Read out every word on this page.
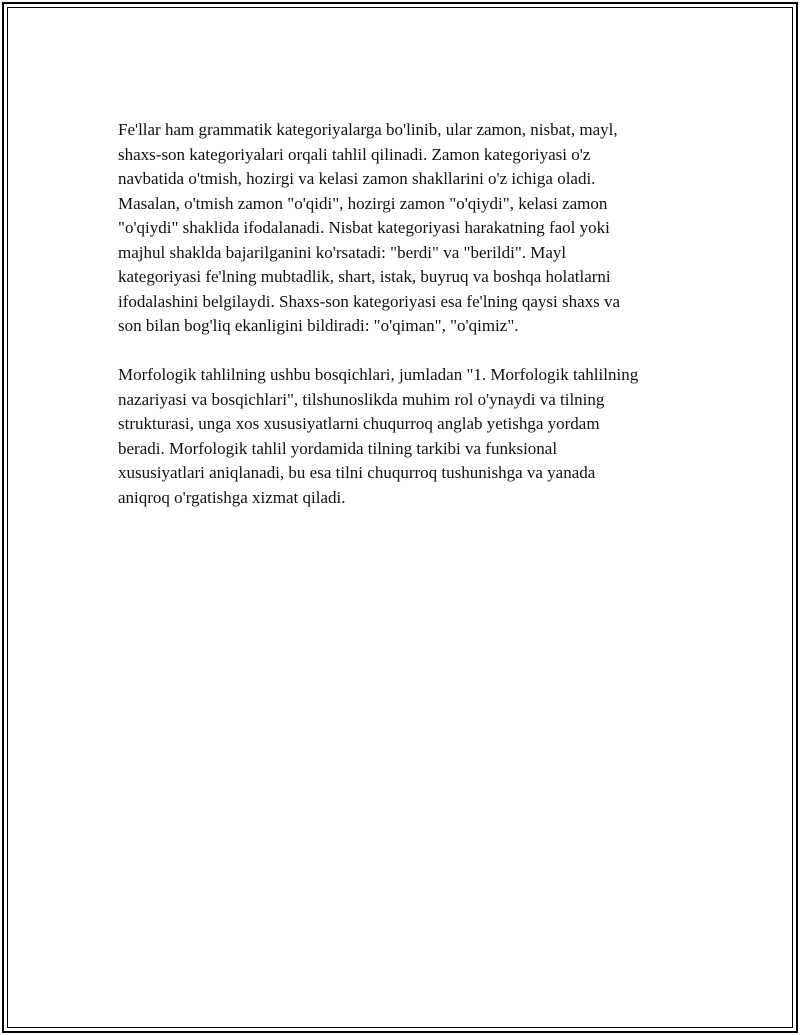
Fe'llar ham grammatik kategoriyalarga bo'linib, ular zamon, nisbat, mayl,
shaxs-son kategoriyalari orqali tahlil qilinadi. Zamon kategoriyasi o'z
navbatida o'tmish, hozirgi va kelasi zamon shakllarini o'z ichiga oladi.
Masalan, o'tmish zamon "o'qidi", hozirgi zamon "o'qiydi", kelasi zamon
"o'qiydi" shaklida ifodalanadi. Nisbat kategoriyasi harakatning faol yoki
majhul shaklda bajarilganini ko'rsatadi: "berdi" va "berildi". Mayl
kategoriyasi fe'lning mubtadlik, shart, istak, buyruq va boshqa holatlarni
ifodalashini belgilaydi. Shaxs-son kategoriyasi esa fe'lning qaysi shaxs va
son bilan bog'liq ekanligini bildiradi: "o'qiman", "o'qimiz".

Morfologik tahlilning ushbu bosqichlari, jumladan "1. Morfologik tahlilning
nazariyasi va bosqichlari", tilshunoslikda muhim rol o'ynaydi va tilning
strukturasi, unga xos xususiyatlarni chuqurroq anglab yetishga yordam
beradi. Morfologik tahlil yordamida tilning tarkibi va funksional
xususiyatlari aniqlanadi, bu esa tilni chuqurroq tushunishga va yanada
aniqroq o'rgatishga xizmat qiladi.
